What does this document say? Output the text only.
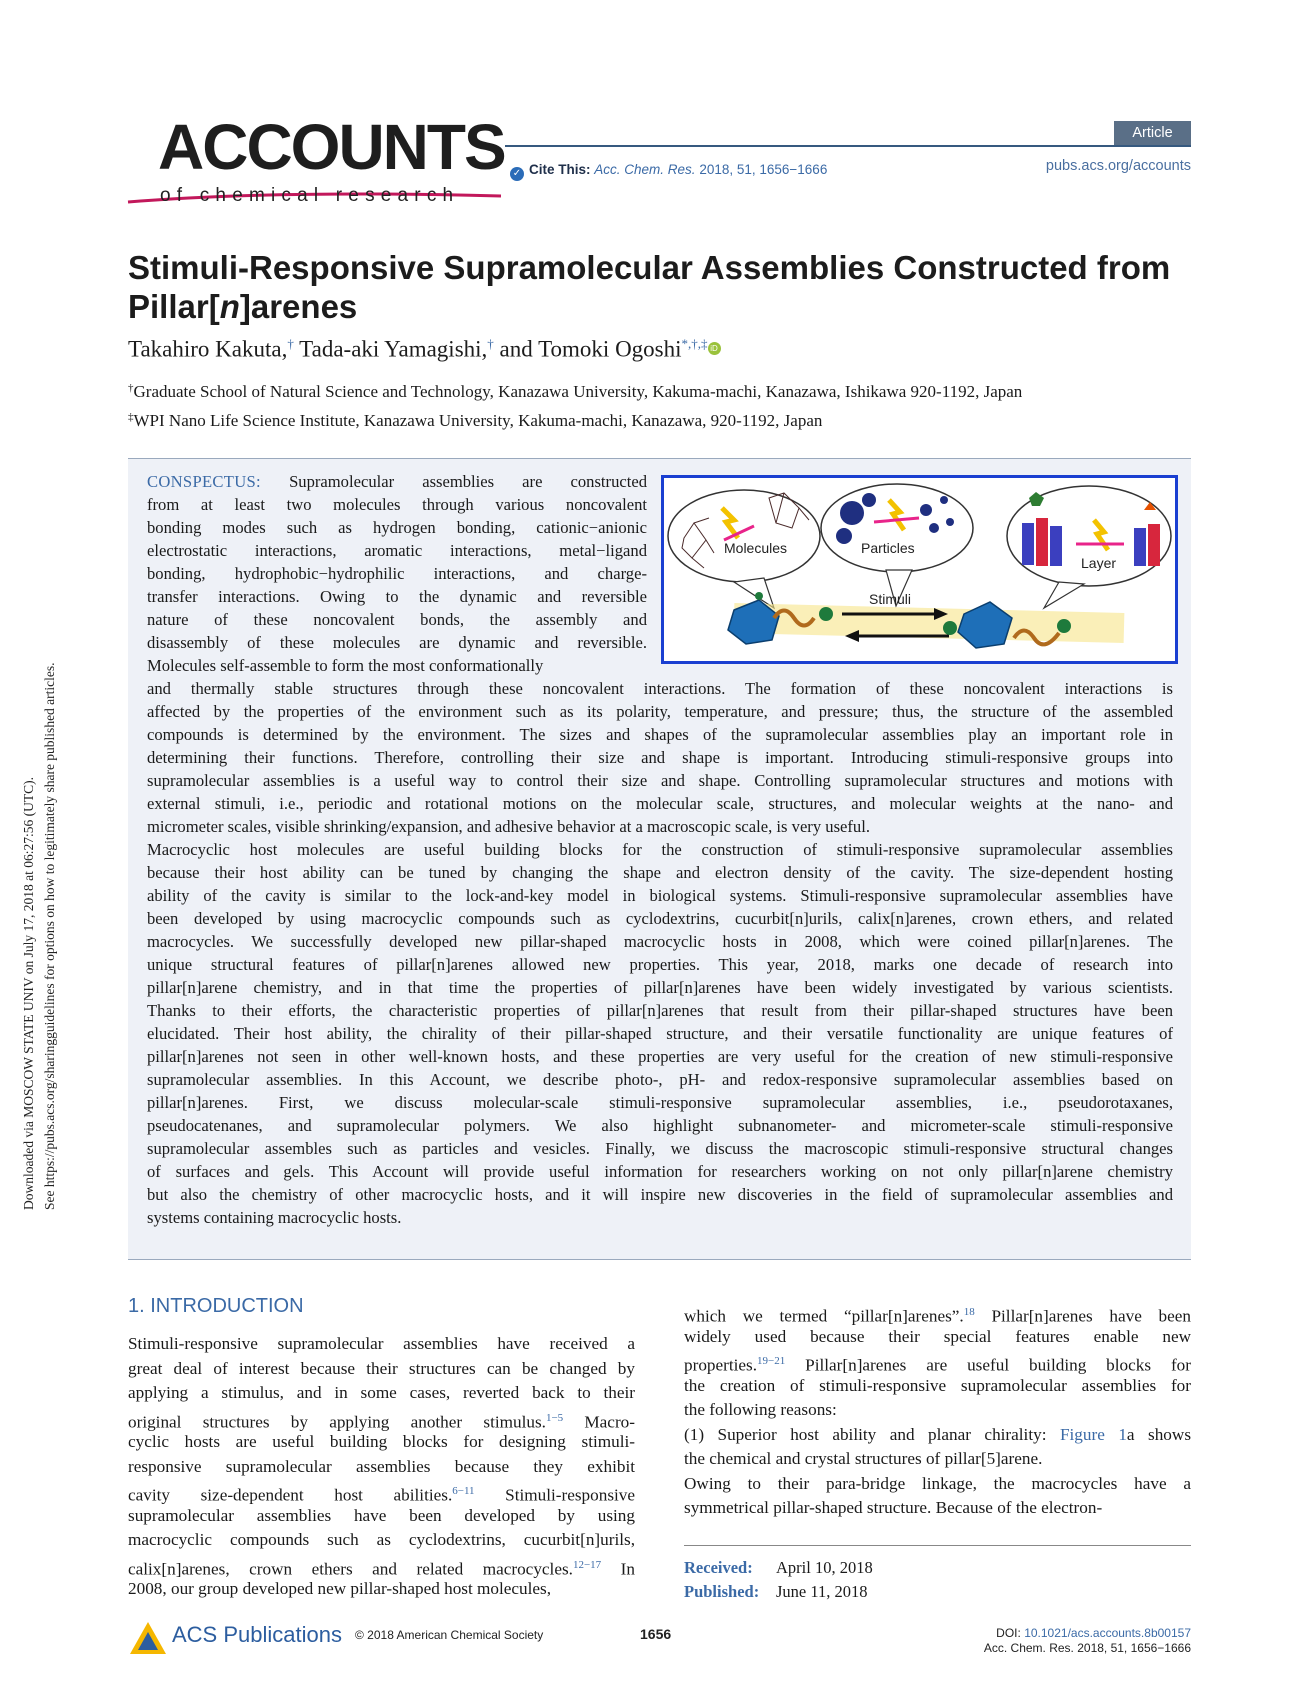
Downloaded via MOSCOW STATE UNIV on July 17, 2018 at 06:27:56 (UTC). See https://pubs.acs.org/sharingguidelines for options on how to legitimately share published articles.
ACCOUNTS
of chemical research
Article
✓ Cite This: Acc. Chem. Res. 2018, 51, 1656−1666	pubs.acs.org/accounts
Stimuli-Responsive Supramolecular Assemblies Constructed from
Pillar[n]arenes
Takahiro Kakuta,† Tada-aki Yamagishi,† and Tomoki Ogoshi*,†,‡ iD
†Graduate School of Natural Science and Technology, Kanazawa University, Kakuma-machi, Kanazawa, Ishikawa 920-1192, Japan
‡WPI Nano Life Science Institute, Kanazawa University, Kakuma-machi, Kanazawa, 920-1192, Japan
CONSPECTUS: Supramolecular assemblies are constructed
from at least two molecules through various noncovalent
bonding modes such as hydrogen bonding, cationic−anionic
electrostatic interactions, aromatic interactions, metal−ligand
bonding, hydrophobic−hydrophilic interactions, and charge-
transfer interactions. Owing to the dynamic and reversible
nature of these noncovalent bonds, the assembly and
disassembly of these molecules are dynamic and reversible.
Molecules self-assemble to form the most conformationally
and thermally stable structures through these noncovalent interactions. The formation of these noncovalent interactions is
affected by the properties of the environment such as its polarity, temperature, and pressure; thus, the structure of the assembled
compounds is determined by the environment. The sizes and shapes of the supramolecular assemblies play an important role in
determining their functions. Therefore, controlling their size and shape is important. Introducing stimuli-responsive groups into
supramolecular assemblies is a useful way to control their size and shape. Controlling supramolecular structures and motions with
external stimuli, i.e., periodic and rotational motions on the molecular scale, structures, and molecular weights at the nano- and
micrometer scales, visible shrinking/expansion, and adhesive behavior at a macroscopic scale, is very useful.
Macrocyclic host molecules are useful building blocks for the construction of stimuli-responsive supramolecular assemblies
because their host ability can be tuned by changing the shape and electron density of the cavity. The size-dependent hosting
ability of the cavity is similar to the lock-and-key model in biological systems. Stimuli-responsive supramolecular assemblies have
been developed by using macrocyclic compounds such as cyclodextrins, cucurbit[n]urils, calix[n]arenes, crown ethers, and related
macrocycles. We successfully developed new pillar-shaped macrocyclic hosts in 2008, which were coined pillar[n]arenes. The
unique structural features of pillar[n]arenes allowed new properties. This year, 2018, marks one decade of research into
pillar[n]arene chemistry, and in that time the properties of pillar[n]arenes have been widely investigated by various scientists.
Thanks to their efforts, the characteristic properties of pillar[n]arenes that result from their pillar-shaped structures have been
elucidated. Their host ability, the chirality of their pillar-shaped structure, and their versatile functionality are unique features of
pillar[n]arenes not seen in other well-known hosts, and these properties are very useful for the creation of new stimuli-responsive
supramolecular assemblies. In this Account, we describe photo-, pH- and redox-responsive supramolecular assemblies based on
pillar[n]arenes. First, we discuss molecular-scale stimuli-responsive supramolecular assemblies, i.e., pseudorotaxanes,
pseudocatenanes, and supramolecular polymers. We also highlight subnanometer- and micrometer-scale stimuli-responsive
supramolecular assembles such as particles and vesicles. Finally, we discuss the macroscopic stimuli-responsive structural changes
of surfaces and gels. This Account will provide useful information for researchers working on not only pillar[n]arene chemistry
but also the chemistry of other macrocyclic hosts, and it will inspire new discoveries in the field of supramolecular assemblies and
systems containing macrocyclic hosts.
Molecules	Particles
Layer
Stimuli
1. INTRODUCTION
Stimuli-responsive supramolecular assemblies have received a
great deal of interest because their structures can be changed by
applying a stimulus, and in some cases, reverted back to their
original structures by applying another stimulus.$^{1-5}$ Macro-
cyclic hosts are useful building blocks for designing stimuli-
responsive supramolecular assemblies because they exhibit
cavity size-dependent host abilities.$^{6-11}$ Stimuli-responsive
supramolecular assemblies have been developed by using
macrocyclic compounds such as cyclodextrins, cucurbit[n]urils,
calix[n]arenes, crown ethers and related macrocycles.$^{12-17}$ In
2008, our group developed new pillar-shaped host molecules,
which we termed “pillar[n]arenes”.$^{18}$ Pillar[n]arenes have been
widely used because their special features enable new
properties.$^{19-21}$ Pillar[n]arenes are useful building blocks for
the creation of stimuli-responsive supramolecular assemblies for
the following reasons:
(1) Superior host ability and planar chirality: Figure 1a shows
the chemical and crystal structures of pillar[5]arene.
Owing to their para-bridge linkage, the macrocycles have a
symmetrical pillar-shaped structure. Because of the electron-
Received: April 10, 2018
Published: June 11, 2018
ACS Publications © 2018 American Chemical Society	1656	DOI: 10.1021/acs.accounts.8b00157
Acc. Chem. Res. 2018, 51, 1656−1666
